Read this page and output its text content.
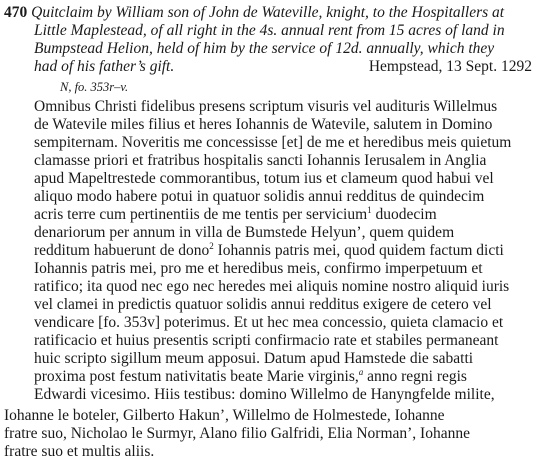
470 Quitclaim by William son of John de Wateville, knight, to the Hospitallers at
Little Maplestead, of all right in the 4s. annual rent from 15 acres of land in
Bumpstead Helion, held of him by the service of 12d. annually, which they
had of his father’s gift.	Hempstead, 13 Sept. 1292
N, fo. 353r–v.
Omnibus Christi fidelibus presens scriptum visuris vel audituris Willelmus
de Watevile miles filius et heres Iohannis de Watevile, salutem in Domino
sempiternam. Noveritis me concessisse [et] de me et heredibus meis quietum
clamasse priori et fratribus hospitalis sancti Iohannis Ierusalem in Anglia
apud Mapeltrestede commorantibus, totum ius et clameum quod habui vel
aliquo modo habere potui in quatuor solidis annui redditus de quindecim
acris terre cum pertinentiis de me tentis per servicium$^1$ duodecim
denariorum per annum in villa de Bumstede Helyun’, quem quidem
redditum habuerunt de dono$^2$ Iohannis patris mei, quod quidem factum dicti
Iohannis patris mei, pro me et heredibus meis, confirmo imperpetuum et
ratifico; ita quod nec ego nec heredes mei aliquis nomine nostro aliquid iuris
vel clamei in predictis quatuor solidis annui redditus exigere de cetero vel
vendicare [fo. 353v] poterimus. Et ut hec mea concessio, quieta clamacio et
ratificacio et huius presentis scripti confirmacio rate et stabiles permaneant
huic scripto sigillum meum apposui. Datum apud Hamstede die sabatti
proxima post festum nativitatis beate Marie virginis,$^a$ anno regni regis
Edwardi vicesimo. Hiis testibus: domino Willelmo de Hanyngfelde milite,
Iohanne le boteler, Gilberto Hakun’, Willelmo de Holmestede, Iohanne
fratre suo, Nicholao le Surmyr, Alano filio Galfridi, Elia Norman’, Iohanne
fratre suo et multis aliis.
